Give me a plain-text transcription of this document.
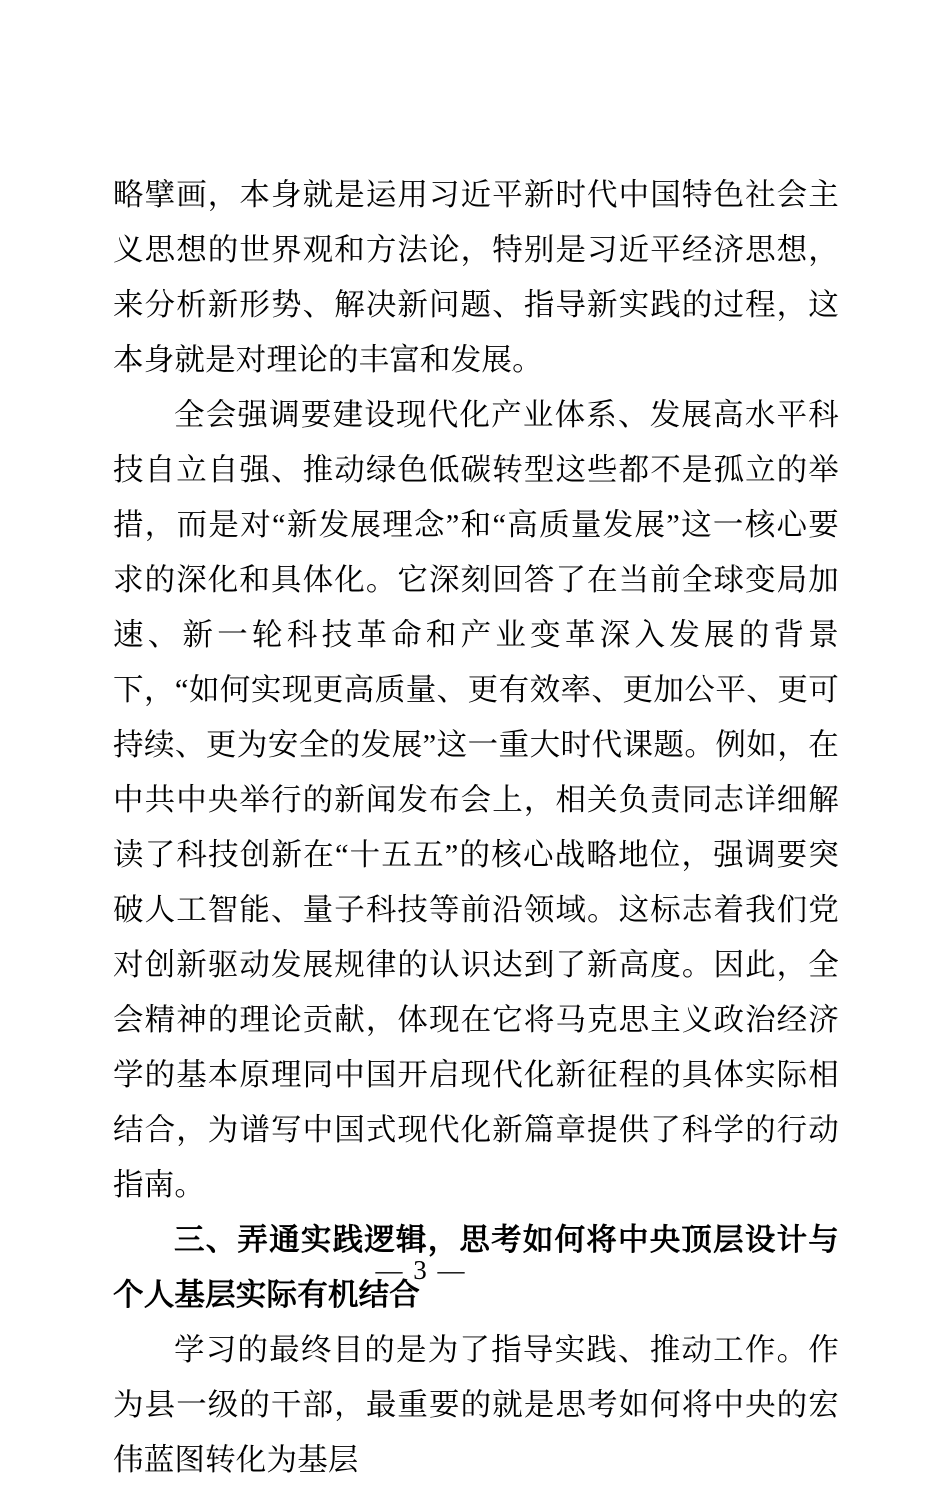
略擘画，本身就是运用习近平新时代中国特色社会主义思想的世界观和方法论，特别是习近平经济思想，来分析新形势、解决新问题、指导新实践的过程，这本身就是对理论的丰富和发展。

全会强调要建设现代化产业体系、发展高水平科技自立自强、推动绿色低碳转型这些都不是孤立的举措，而是对“新发展理念”和“高质量发展”这一核心要求的深化和具体化。它深刻回答了在当前全球变局加速、新一轮科技革命和产业变革深入发展的背景下，“如何实现更高质量、更有效率、更加公平、更可持续、更为安全的发展”这一重大时代课题。例如，在中共中央举行的新闻发布会上，相关负责同志详细解读了科技创新在“十五五”的核心战略地位，强调要突破人工智能、量子科技等前沿领域。这标志着我们党对创新驱动发展规律的认识达到了新高度。因此，全会精神的理论贡献，体现在它将马克思主义政治经济学的基本原理同中国开启现代化新征程的具体实际相结合，为谱写中国式现代化新篇章提供了科学的行动指南。

三、弄通实践逻辑，思考如何将中央顶层设计与个人基层实际有机结合

学习的最终目的是为了指导实践、推动工作。作为县一级的干部，最重要的就是思考如何将中央的宏伟蓝图转化为基层

— 3 —
